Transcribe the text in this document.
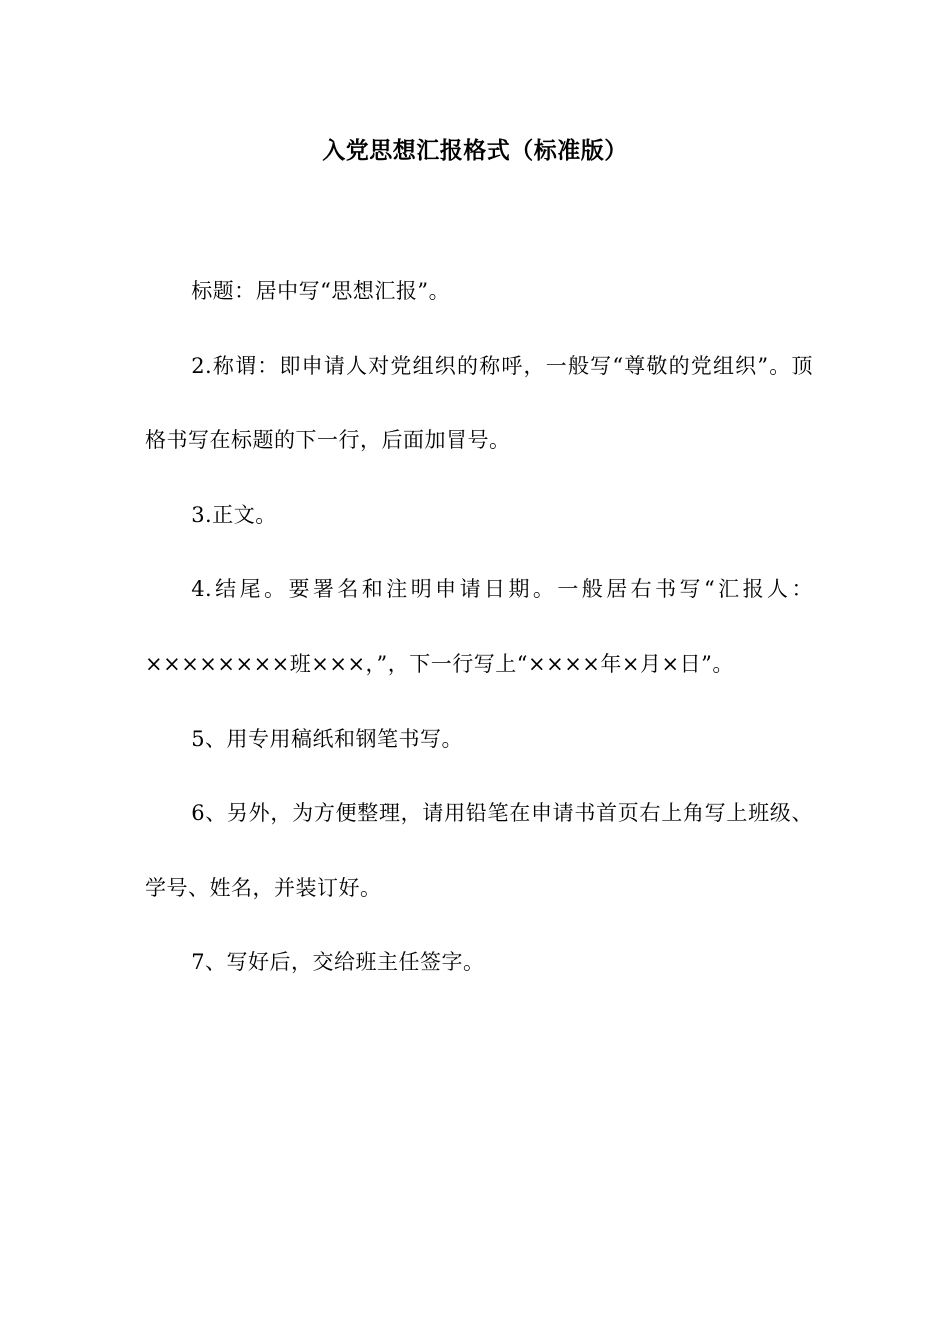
入党思想汇报格式（标准版）

标题：居中写“思想汇报”。

2.称谓：即申请人对党组织的称呼，一般写“尊敬的党组织”。顶格书写在标题的下一行，后面加冒号。

3.正文。

4.结尾。要署名和注明申请日期。一般居右书写“汇报人：××××××××班×××，”，下一行写上“××××年×月×日”。

5、用专用稿纸和钢笔书写。

6、另外，为方便整理，请用铅笔在申请书首页右上角写上班级、学号、姓名，并装订好。

7、写好后，交给班主任签字。
